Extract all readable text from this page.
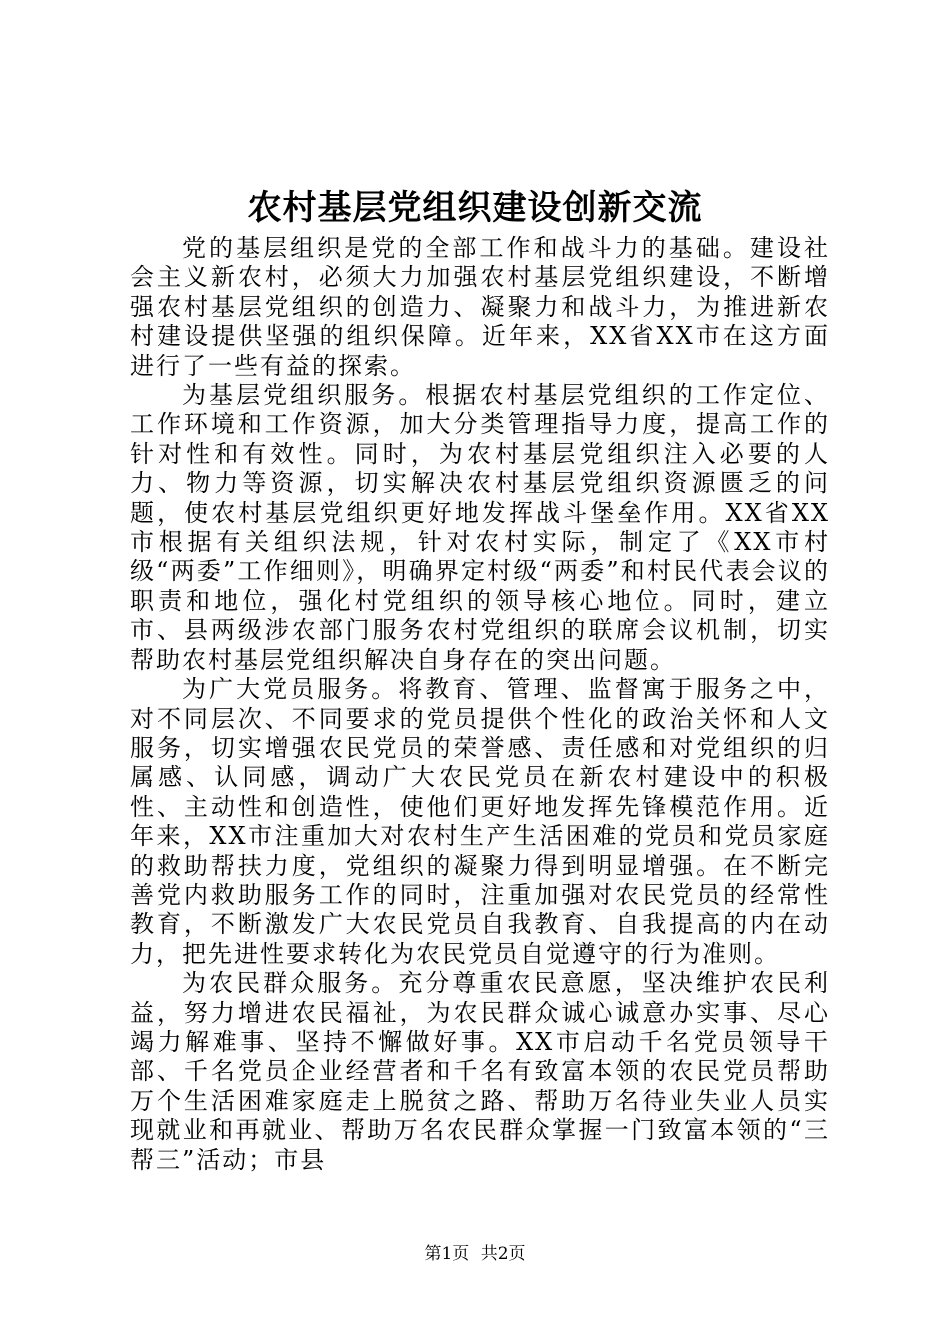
农村基层党组织建设创新交流

党的基层组织是党的全部工作和战斗力的基础。建设社会主义新农村，必须大力加强农村基层党组织建设，不断增强农村基层党组织的创造力、凝聚力和战斗力，为推进新农村建设提供坚强的组织保障。近年来，XX省XX市在这方面进行了一些有益的探索。

为基层党组织服务。根据农村基层党组织的工作定位、工作环境和工作资源，加大分类管理指导力度，提高工作的针对性和有效性。同时，为农村基层党组织注入必要的人力、物力等资源，切实解决农村基层党组织资源匮乏的问题，使农村基层党组织更好地发挥战斗堡垒作用。XX省XX市根据有关组织法规，针对农村实际，制定了《XX市村级“两委”工作细则》，明确界定村级“两委”和村民代表会议的职责和地位，强化村党组织的领导核心地位。同时，建立市、县两级涉农部门服务农村党组织的联席会议机制，切实帮助农村基层党组织解决自身存在的突出问题。

为广大党员服务。将教育、管理、监督寓于服务之中，对不同层次、不同要求的党员提供个性化的政治关怀和人文服务，切实增强农民党员的荣誉感、责任感和对党组织的归属感、认同感，调动广大农民党员在新农村建设中的积极性、主动性和创造性，使他们更好地发挥先锋模范作用。近年来，XX市注重加大对农村生产生活困难的党员和党员家庭的救助帮扶力度，党组织的凝聚力得到明显增强。在不断完善党内救助服务工作的同时，注重加强对农民党员的经常性教育，不断激发广大农民党员自我教育、自我提高的内在动力，把先进性要求转化为农民党员自觉遵守的行为准则。

为农民群众服务。充分尊重农民意愿，坚决维护农民利益，努力增进农民福祉，为农民群众诚心诚意办实事、尽心竭力解难事、坚持不懈做好事。XX市启动千名党员领导干部、千名党员企业经营者和千名有致富本领的农民党员帮助万个生活困难家庭走上脱贫之路、帮助万名待业失业人员实现就业和再就业、帮助万名农民群众掌握一门致富本领的“三帮三”活动；市县

第1页 共2页
